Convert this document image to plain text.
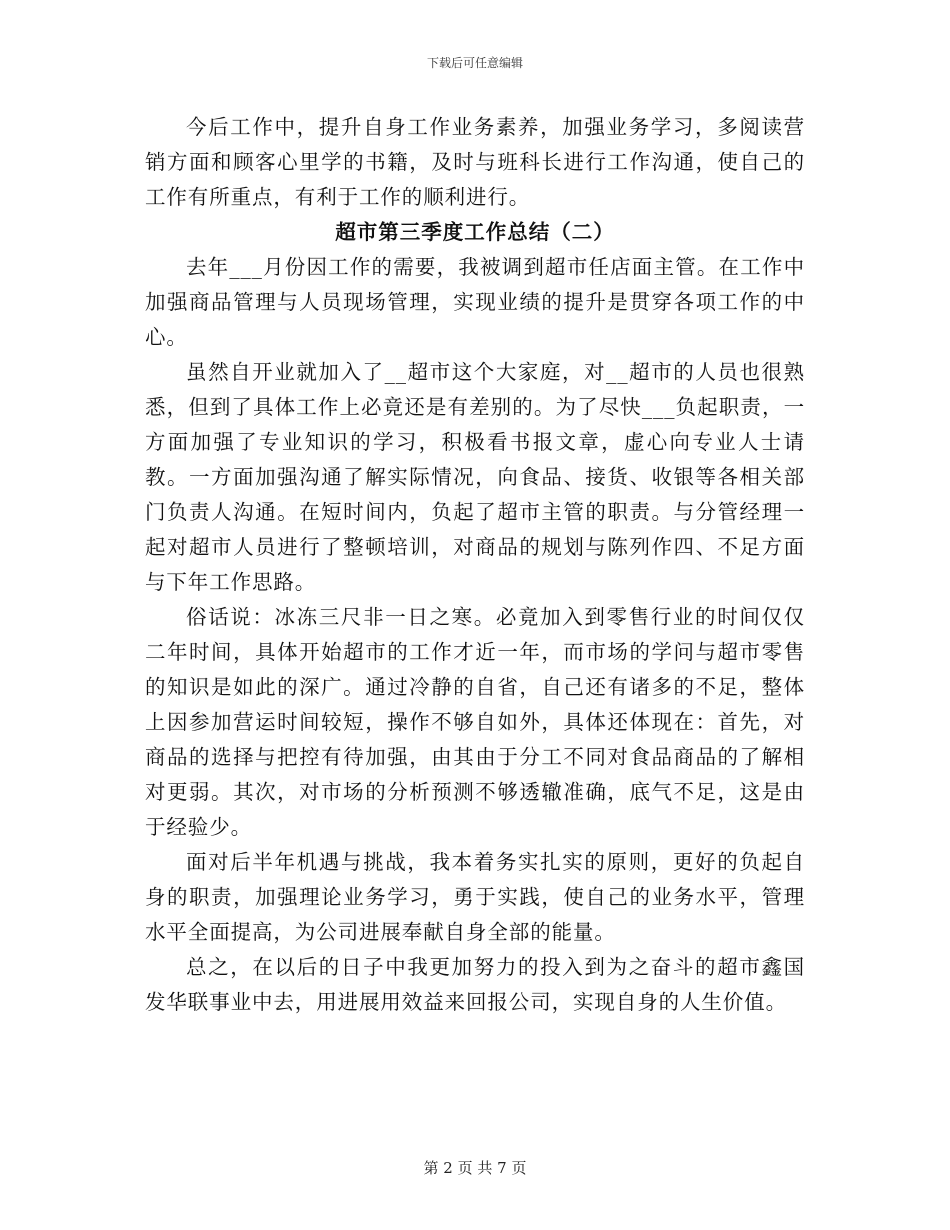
下载后可任意编辑

今后工作中，提升自身工作业务素养，加强业务学习，多阅读营销方面和顾客心里学的书籍，及时与班科长进行工作沟通，使自己的工作有所重点，有利于工作的顺利进行。

超市第三季度工作总结（二）

去年___月份因工作的需要，我被调到超市任店面主管。在工作中加强商品管理与人员现场管理，实现业绩的提升是贯穿各项工作的中心。

虽然自开业就加入了__超市这个大家庭，对__超市的人员也很熟悉，但到了具体工作上必竟还是有差别的。为了尽快___负起职责，一方面加强了专业知识的学习，积极看书报文章，虚心向专业人士请教。一方面加强沟通了解实际情况，向食品、接货、收银等各相关部门负责人沟通。在短时间内，负起了超市主管的职责。与分管经理一起对超市人员进行了整顿培训，对商品的规划与陈列作四、不足方面与下年工作思路。

俗话说：冰冻三尺非一日之寒。必竟加入到零售行业的时间仅仅二年时间，具体开始超市的工作才近一年，而市场的学问与超市零售的知识是如此的深广。通过冷静的自省，自己还有诸多的不足，整体上因参加营运时间较短，操作不够自如外，具体还体现在：首先，对商品的选择与把控有待加强，由其由于分工不同对食品商品的了解相对更弱。其次，对市场的分析预测不够透辙准确，底气不足，这是由于经验少。

面对后半年机遇与挑战，我本着务实扎实的原则，更好的负起自身的职责，加强理论业务学习，勇于实践，使自己的业务水平，管理水平全面提高，为公司进展奉献自身全部的能量。

总之，在以后的日子中我更加努力的投入到为之奋斗的超市鑫国发华联事业中去，用进展用效益来回报公司，实现自身的人生价值。

第 2 页 共 7 页
